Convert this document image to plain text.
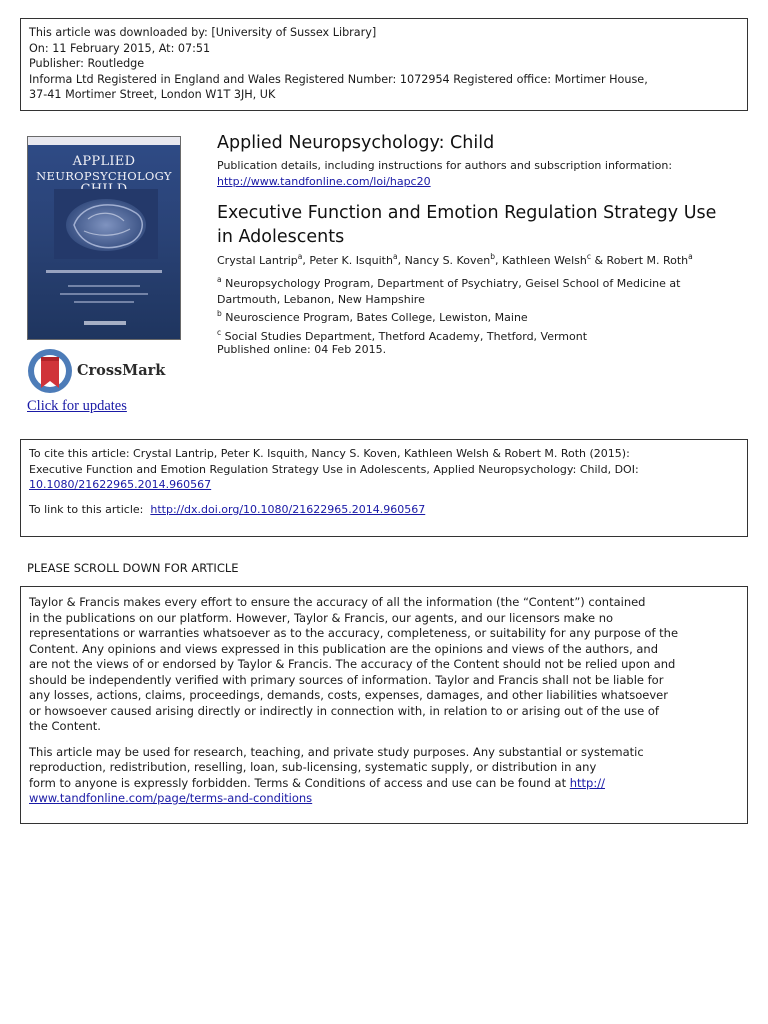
This article was downloaded by: [University of Sussex Library]
On: 11 February 2015, At: 07:51
Publisher: Routledge
Informa Ltd Registered in England and Wales Registered Number: 1072954 Registered office: Mortimer House,
37-41 Mortimer Street, London W1T 3JH, UK
APPLIED
NEUROPSYCHOLOGY
CrossMark
Click for updates
Applied Neuropsychology: Child
Publication details, including instructions for authors and subscription information:
http://www.tandfonline.com/loi/hapc20
Executive Function and Emotion Regulation Strategy Use in Adolescents
Crystal Lantrip$^a$, Peter K. Isquith$^a$, Nancy S. Koven$^b$, Kathleen Welsh$^c$ & Robert M. Roth$^a$
$^a$ Neuropsychology Program, Department of Psychiatry, Geisel School of Medicine at
Dartmouth, Lebanon, New Hampshire
$^b$ Neuroscience Program, Bates College, Lewiston, Maine
$^c$ Social Studies Department, Thetford Academy, Thetford, Vermont
Published online: 04 Feb 2015.

To cite this article: Crystal Lantrip, Peter K. Isquith, Nancy S. Koven, Kathleen Welsh & Robert M. Roth (2015):

Executive Function and Emotion Regulation Strategy Use in Adolescents, Applied Neuropsychology: Child, DOI:

10.1080/21622965.2014.960567

To link to this article: http://dx.doi.org/10.1080/21622965.2014.960567

PLEASE SCROLL DOWN FOR ARTICLE

Taylor & Francis makes every effort to ensure the accuracy of all the information (the “Content”) contained
in the publications on our platform. However, Taylor & Francis, our agents, and our licensors make no
representations or warranties whatsoever as to the accuracy, completeness, or suitability for any purpose of the
Content. Any opinions and views expressed in this publication are the opinions and views of the authors, and
are not the views of or endorsed by Taylor & Francis. The accuracy of the Content should not be relied upon and
should be independently verified with primary sources of information. Taylor and Francis shall not be liable for
any losses, actions, claims, proceedings, demands, costs, expenses, damages, and other liabilities whatsoever
or howsoever caused arising directly or indirectly in connection with, in relation to or arising out of the use of
the Content.

This article may be used for research, teaching, and private study purposes. Any substantial or systematic
reproduction, redistribution, reselling, loan, sub-licensing, systematic supply, or distribution in any
form to anyone is expressly forbidden. Terms & Conditions of access and use can be found at http://
www.tandfonline.com/page/terms-and-conditions
